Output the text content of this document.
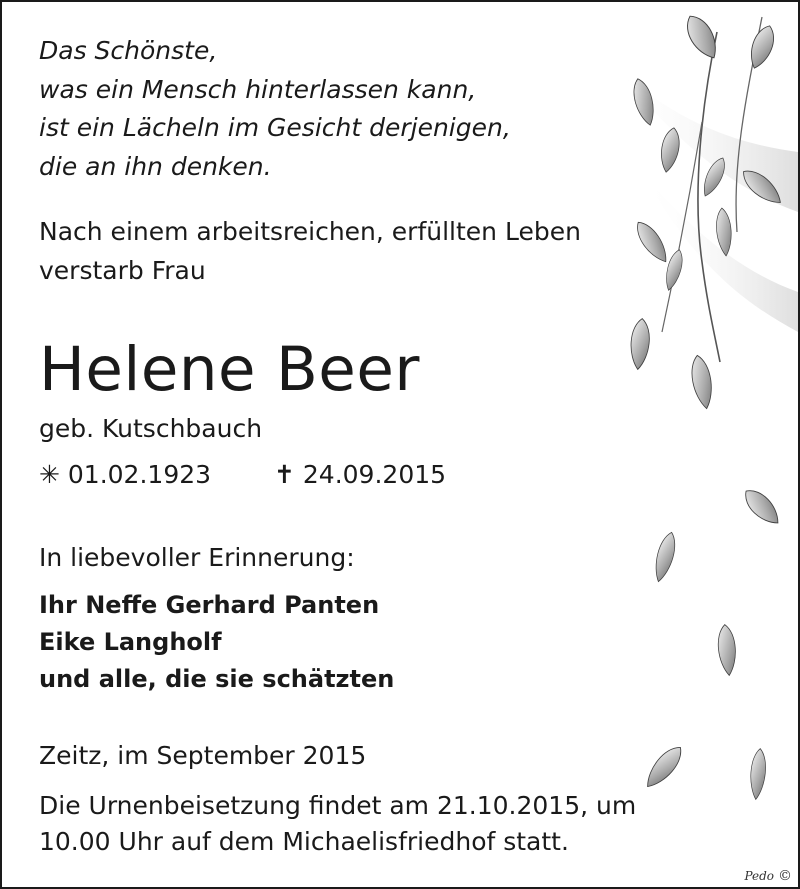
Das Schönste,
was ein Mensch hinterlassen kann,
ist ein Lächeln im Gesicht derjenigen,
die an ihn denken.
Nach einem arbeitsreichen, erfüllten Leben
verstarb Frau
Helene Beer
geb. Kutschbauch
✳ 01.02.1923	✝ 24.09.2015
In liebevoller Erinnerung:
Ihr Neffe Gerhard Panten
Eike Langholf
und alle, die sie schätzten
Zeitz, im September 2015
Die Urnenbeisetzung findet am 21.10.2015, um
10.00 Uhr auf dem Michaelisfriedhof statt.
Pedo ©
